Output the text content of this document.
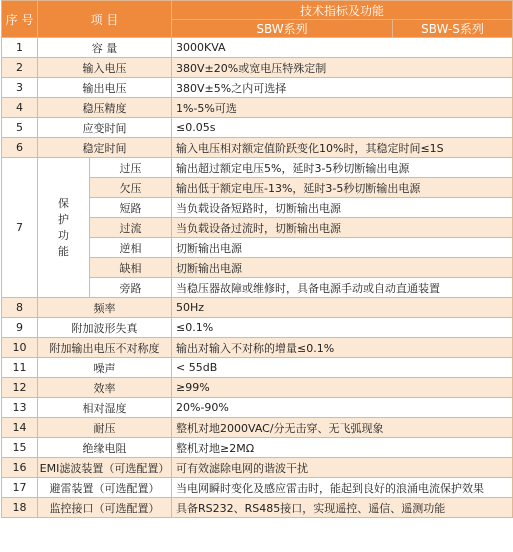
序 号	项 目		技术指标及功能	
			SBW系列	SBW-S系列
1	容 量		3000KVA	
2	输入电压		380V±20%或宽电压特殊定制	
3	输出电压		380V±5%之内可选择	
4	稳压精度		1%-5%可选	
5	应变时间		≤0.05s	
6	稳定时间		输入电压相对额定值阶跃变化10%时，其稳定时间≤1S	
7	保护功能	过压	输出超过额定电压5%，延时3-5秒切断输出电源	
		欠压	输出低于额定电压-13%，延时3-5秒切断输出电源	
		短路	当负载设备短路时，切断输出电源	
		过流	当负载设备过流时，切断输出电源	
		逆相	切断输出电源	
		缺相	切断输出电源	
		旁路	当稳压器故障或维修时，具备电源手动或自动直通装置	
8	频率		50Hz	
9	附加波形失真		≤0.1%	
10	附加输出电压不对称度		输出对输入不对称的增量≤0.1%	
11	噪声		< 55dB	
12	效率		≥99%	
13	相对湿度		20%-90%	
14	耐压		整机对地2000VAC/分无击穿、无飞弧现象	
15	绝缘电阻		整机对地≥2MΩ	
16	EMI滤波装置（可选配置）		可有效滤除电网的谐波干扰	
17	避雷装置（可选配置）		当电网瞬时变化及感应雷击时，能起到良好的浪涌电流保护效果	
18	监控接口（可选配置）		具备RS232、RS485接口，实现遥控、遥信、遥测功能	
